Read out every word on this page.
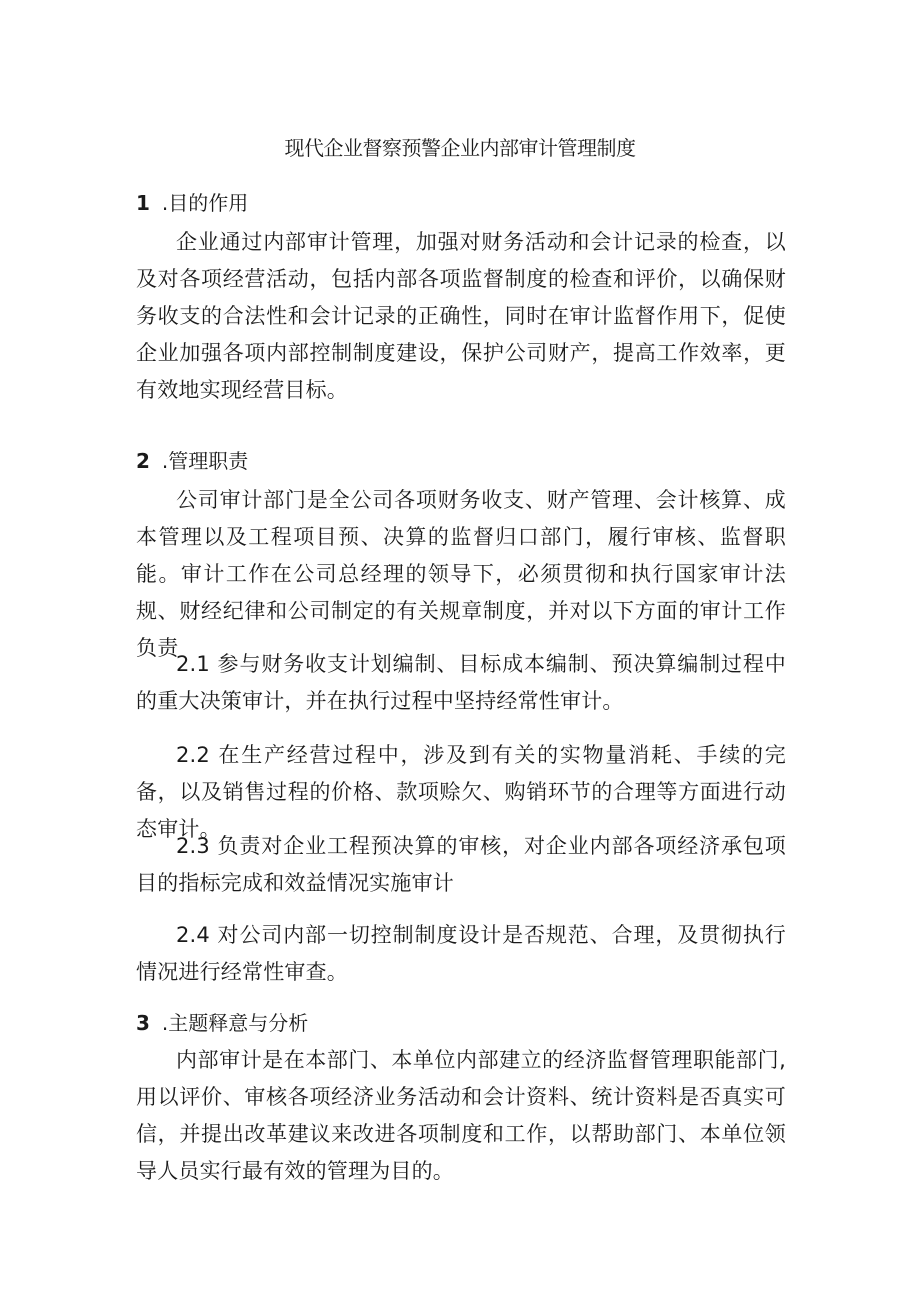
现代企业督察预警企业内部审计管理制度
1 .目的作用

企业通过内部审计管理，加强对财务活动和会计记录的检查，以及对各项经营活动，包括内部各项监督制度的检查和评价，以确保财务收支的合法性和会计记录的正确性，同时在审计监督作用下，促使企业加强各项内部控制制度建设，保护公司财产，提高工作效率，更有效地实现经营目标。

2 .管理职责

公司审计部门是全公司各项财务收支、财产管理、会计核算、成本管理以及工程项目预、决算的监督归口部门，履行审核、监督职能。审计工作在公司总经理的领导下，必须贯彻和执行国家审计法规、财经纪律和公司制定的有关规章制度，并对以下方面的审计工作负责

2.1 参与财务收支计划编制、目标成本编制、预决算编制过程中的重大决策审计，并在执行过程中坚持经常性审计。

2.2 在生产经营过程中，涉及到有关的实物量消耗、手续的完备，以及销售过程的价格、款项赊欠、购销环节的合理等方面进行动态审计。

2.3 负责对企业工程预决算的审核，对企业内部各项经济承包项目的指标完成和效益情况实施审计

2.4 对公司内部一切控制制度设计是否规范、合理，及贯彻执行情况进行经常性审查。

3 .主题释意与分析

内部审计是在本部门、本单位内部建立的经济监督管理职能部门,用以评价、审核各项经济业务活动和会计资料、统计资料是否真实可信，并提出改革建议来改进各项制度和工作，以帮助部门、本单位领导人员实行最有效的管理为目的。
